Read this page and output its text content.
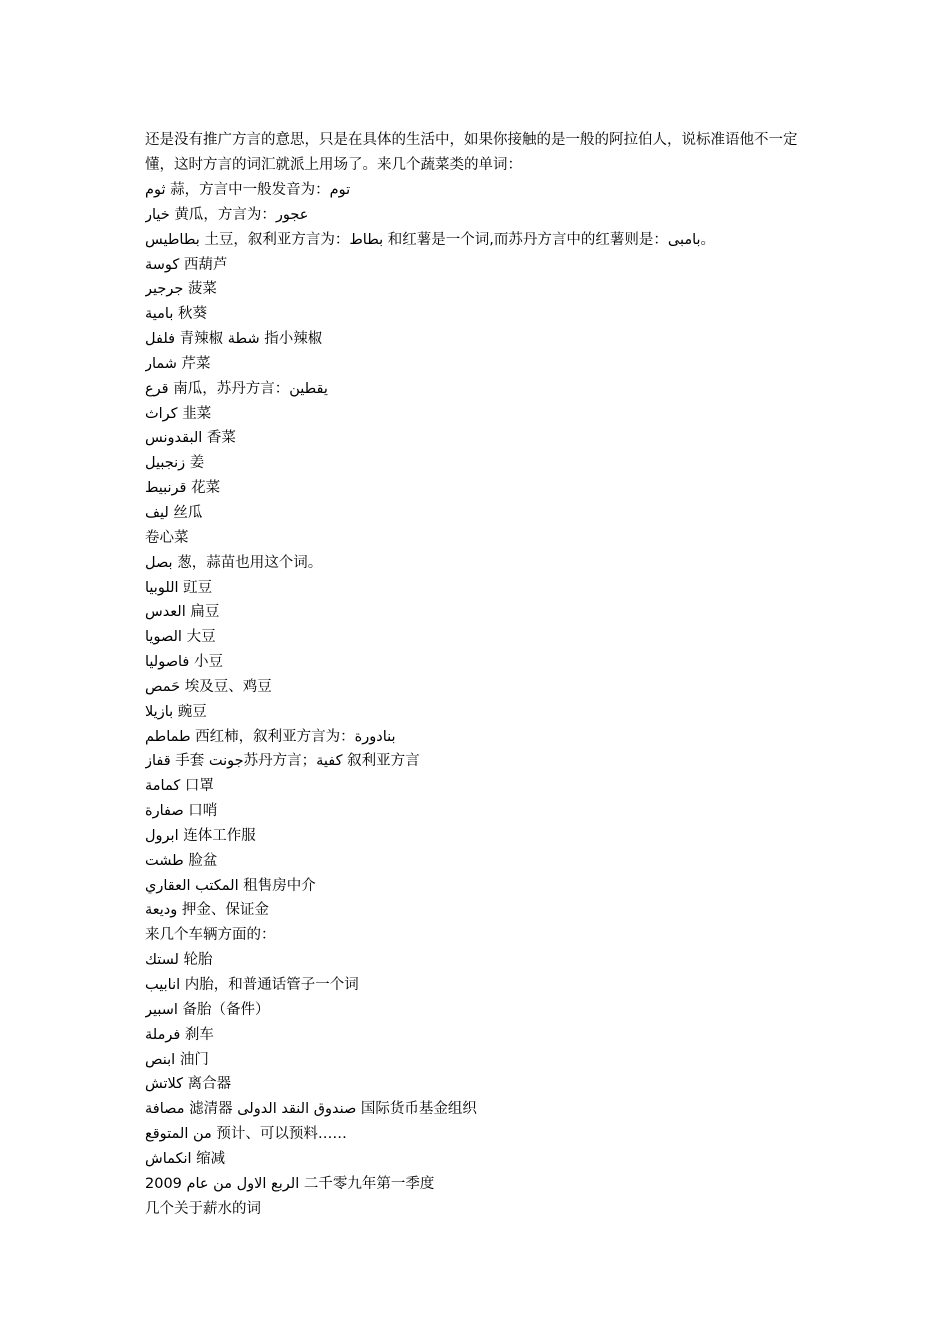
还是没有推广方言的意思，只是在具体的生活中，如果你接触的是一般的阿拉伯人，说标准语他不一定懂，这时方言的词汇就派上用场了。来几个蔬菜类的单词：

ثوم 蒜，方言中一般发音为：توم
خيار 黄瓜，方言为：عجور
بطاطيس 土豆，叙利亚方言为：بطاط 和红薯是一个词,而苏丹方言中的红薯则是：بامبى。
كوسة 西葫芦
جرجير 菠菜
بامية 秋葵
فلفل 青辣椒 شطة 指小辣椒
شمار 芹菜
قرع 南瓜，苏丹方言：يقطين
كراث 韭菜
البقدونس 香菜
زنجبيل 姜
قرنبيط 花菜
ليف 丝瓜
卷心菜
بصل 葱，蒜苗也用这个词。
اللوبيا 豇豆
العدس 扁豆
الصويا 大豆
فاصوليا 小豆
حَمص 埃及豆、鸡豆
بازيلا 豌豆
طماطم 西红柿，叙利亚方言为：بنادورة
قفاز 手套 جونت苏丹方言；كفية 叙利亚方言
كمامة 口罩
صفارة 口哨
ابرول 连体工作服
طشت 脸盆
المكتب العقاري 租售房中介
وديعة 押金、保证金
来几个车辆方面的：
لستك 轮胎
انابيب 内胎，和普通话管子一个词
اسبير 备胎（备件）
فرملة 刹车
ابنص 油门
كلاتش 离合器
مصافة 滤清器 صندوق النقد الدولى 国际货币基金组织
من المتوقع 预计、可以预料……
انكماش 缩减
2009 الربع الاول من عام 二千零九年第一季度
几个关于薪水的词
